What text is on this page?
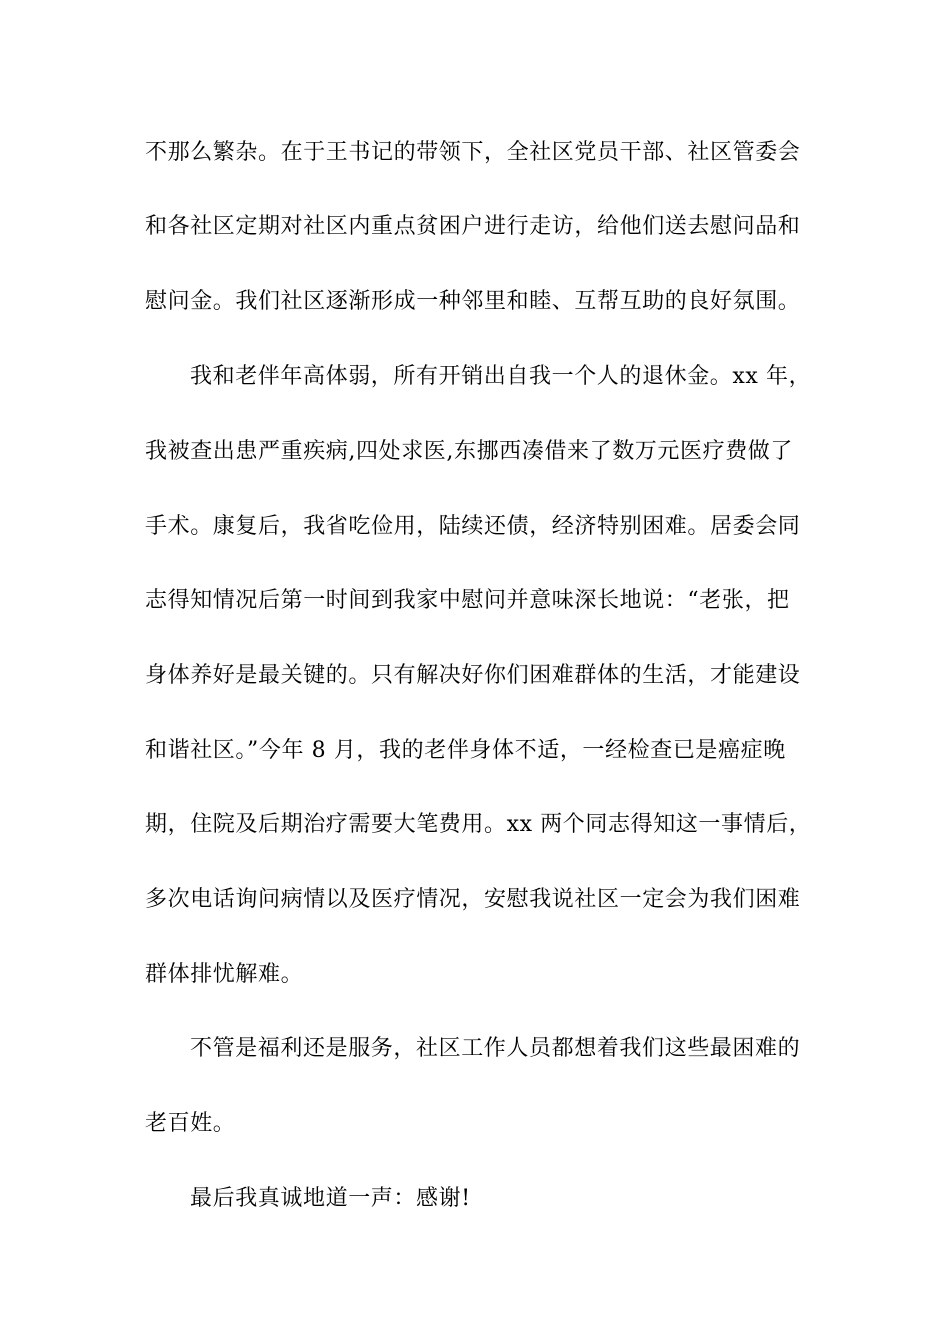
不那么繁杂。在于王书记的带领下，全社区党员干部、社区管委会
和各社区定期对社区内重点贫困户进行走访，给他们送去慰问品和
慰问金。我们社区逐渐形成一种邻里和睦、互帮互助的良好氛围。
我和老伴年高体弱，所有开销出自我一个人的退休金。xx 年，
我被查出患严重疾病,四处求医,东挪西凑借来了数万元医疗费做了
手术。康复后，我省吃俭用，陆续还债，经济特别困难。居委会同
志得知情况后第一时间到我家中慰问并意味深长地说：“老张，把
身体养好是最关键的。只有解决好你们困难群体的生活，才能建设
和谐社区。”今年 8 月，我的老伴身体不适，一经检查已是癌症晚
期，住院及后期治疗需要大笔费用。xx 两个同志得知这一事情后，
多次电话询问病情以及医疗情况，安慰我说社区一定会为我们困难
群体排忧解难。
不管是福利还是服务，社区工作人员都想着我们这些最困难的
老百姓。
最后我真诚地道一声：感谢!
